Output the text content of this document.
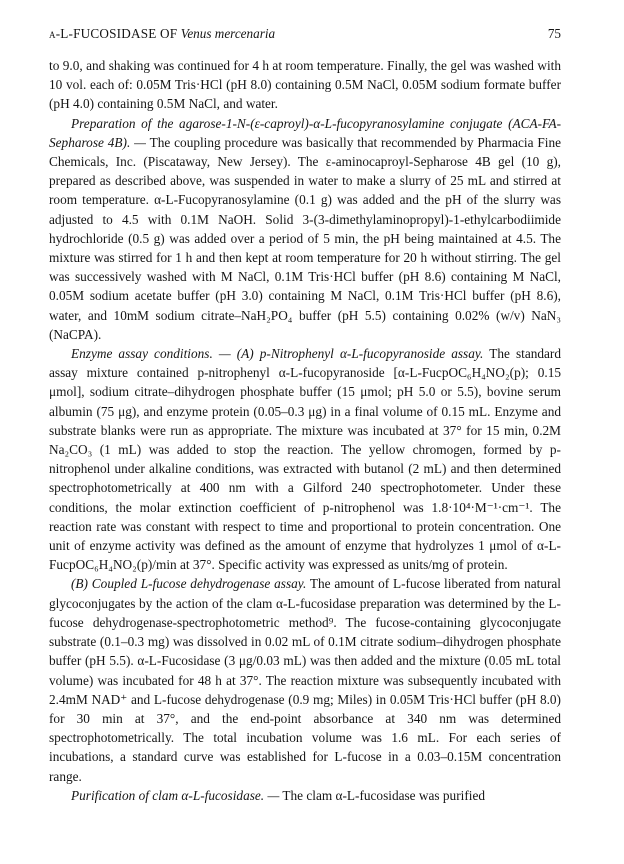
α-L-FUCOSIDASE OF Venus mercenaria	75

to 9.0, and shaking was continued for 4 h at room temperature. Finally, the gel was washed with 10 vol. each of: 0.05M Tris·HCl (pH 8.0) containing 0.5M NaCl, 0.05M sodium formate buffer (pH 4.0) containing 0.5M NaCl, and water.

Preparation of the agarose-1-N-(ε-caproyl)-α-L-fucopyranosylamine conjugate (ACA-FA-Sepharose 4B). — The coupling procedure was basically that recommended by Pharmacia Fine Chemicals, Inc. (Piscataway, New Jersey). The ε-aminocaproyl-Sepharose 4B gel (10 g), prepared as described above, was suspended in water to make a slurry of 25 mL and stirred at room temperature. α-L-Fucopyranosylamine (0.1 g) was added and the pH of the slurry was adjusted to 4.5 with 0.1M NaOH. Solid 3-(3-dimethylaminopropyl)-1-ethylcarbodiimide hydrochloride (0.5 g) was added over a period of 5 min, the pH being maintained at 4.5. The mixture was stirred for 1 h and then kept at room temperature for 20 h without stirring. The gel was successively washed with M NaCl, 0.1M Tris·HCl buffer (pH 8.6) containing M NaCl, 0.05M sodium acetate buffer (pH 3.0) containing M NaCl, 0.1M Tris·HCl buffer (pH 8.6), water, and 10mM sodium citrate–NaH₂PO₄ buffer (pH 5.5) containing 0.02% (w/v) NaN₃ (NaCPA).

Enzyme assay conditions. — (A) p-Nitrophenyl α-L-fucopyranoside assay. The standard assay mixture contained p-nitrophenyl α-L-fucopyranoside [α-L-FucpOC₆H₄NO₂(p); 0.15 μmol], sodium citrate–dihydrogen phosphate buffer (15 μmol; pH 5.0 or 5.5), bovine serum albumin (75 μg), and enzyme protein (0.05–0.3 μg) in a final volume of 0.15 mL. Enzyme and substrate blanks were run as appropriate. The mixture was incubated at 37° for 15 min, 0.2M Na₂CO₃ (1 mL) was added to stop the reaction. The yellow chromogen, formed by p-nitrophenol under alkaline conditions, was extracted with butanol (2 mL) and then determined spectrophotometrically at 400 nm with a Gilford 240 spectrophotometer. Under these conditions, the molar extinction coefficient of p-nitrophenol was 1.8·10⁴·M⁻¹·cm⁻¹. The reaction rate was constant with respect to time and proportional to protein concentration. One unit of enzyme activity was defined as the amount of enzyme that hydrolyzes 1 μmol of α-L-FucpOC₆H₄NO₂(p)/min at 37°. Specific activity was expressed as units/mg of protein.

(B) Coupled L-fucose dehydrogenase assay. The amount of L-fucose liberated from natural glycoconjugates by the action of the clam α-L-fucosidase preparation was determined by the L-fucose dehydrogenase-spectrophotometric method⁹. The fucose-containing glycoconjugate substrate (0.1–0.3 mg) was dissolved in 0.02 mL of 0.1M citrate sodium–dihydrogen phosphate buffer (pH 5.5). α-L-Fucosidase (3 μg/0.03 mL) was then added and the mixture (0.05 mL total volume) was incubated for 48 h at 37°. The reaction mixture was subsequently incubated with 2.4mM NAD⁺ and L-fucose dehydrogenase (0.9 mg; Miles) in 0.05M Tris·HCl buffer (pH 8.0) for 30 min at 37°, and the end-point absorbance at 340 nm was determined spectrophotometrically. The total incubation volume was 1.6 mL. For each series of incubations, a standard curve was established for L-fucose in a 0.03–0.15M concentration range.

Purification of clam α-L-fucosidase. — The clam α-L-fucosidase was purified
